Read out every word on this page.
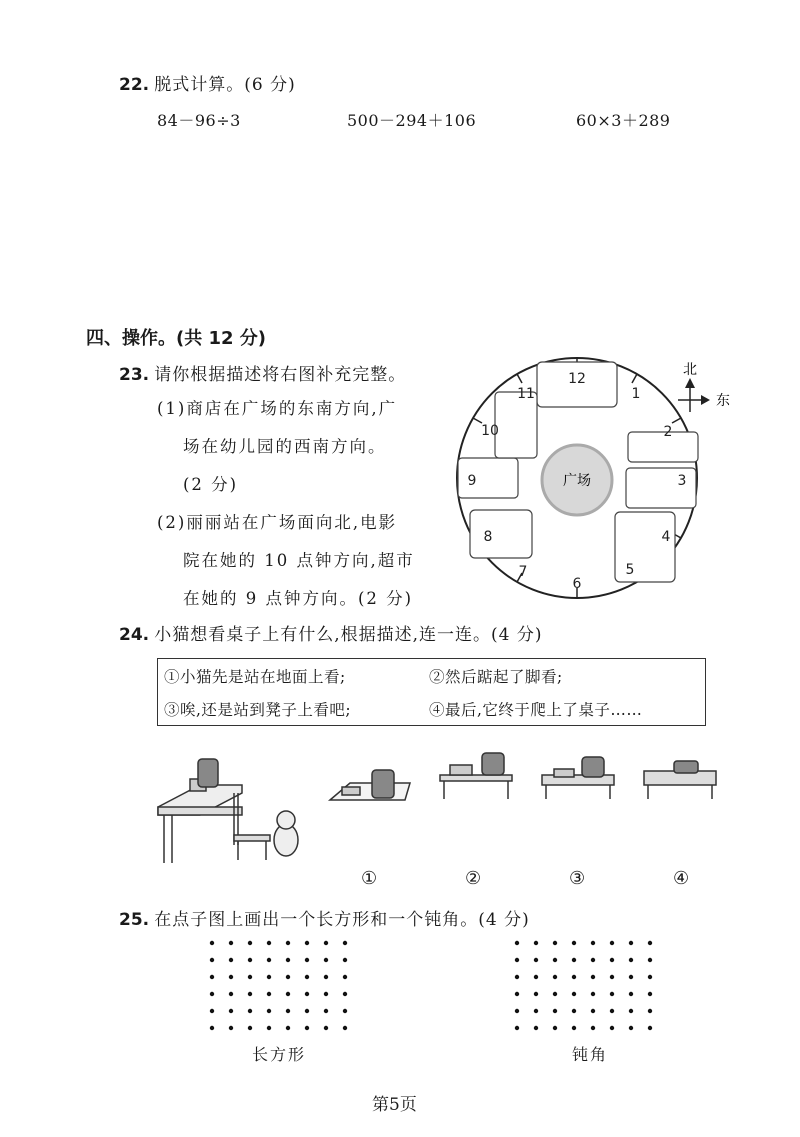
22. 脱式计算。(6 分)
84－96÷3	500－294＋106	60×3＋289
四、操作。(共 12 分)
23. 请你根据描述将右图补充完整。
(1)商店在广场的东南方向,广
场在幼儿园的西南方向。
(2 分)
(2)丽丽站在广场面向北,电影
院在她的 10 点钟方向,超市
在她的 9 点钟方向。(2 分)
广场
12
1
2
3
4
5
6
7
8
9
10
11
北
东
24. 小猫想看桌子上有什么,根据描述,连一连。(4 分)
①小猫先是站在地面上看;	②然后踮起了脚看;
③唉,还是站到凳子上看吧;	④最后,它终于爬上了桌子……
①	②	③	④
25. 在点子图上画出一个长方形和一个钝角。(4 分)
长方形	钝角
第5页
